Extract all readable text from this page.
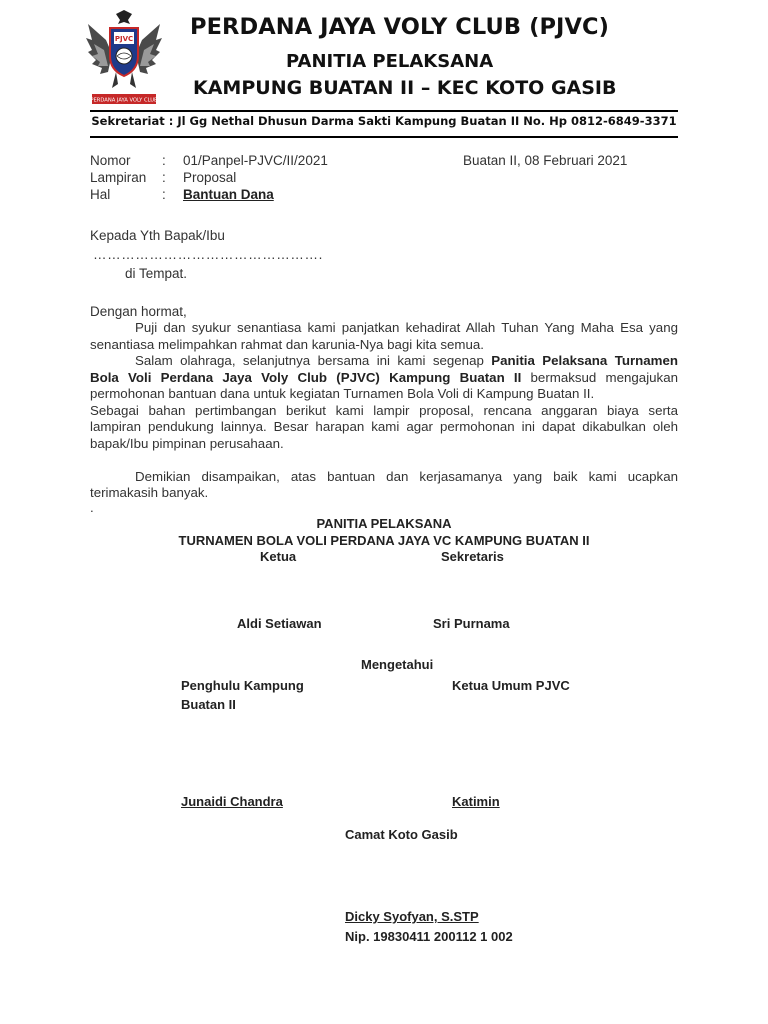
PJVC
PERDANA JAYA VOLY CLUB
PERDANA JAYA VOLY CLUB (PJVC)
PANITIA PELAKSANA
KAMPUNG BUATAN II – KEC KOTO GASIB
Sekretariat : Jl Gg Nethal Dhusun Darma Sakti Kampung Buatan II No. Hp 0812-6849-3371
Nomor : 01/Panpel-PJVC/II/2021	Buatan II, 08 Februari 2021
Lampiran : Proposal
Hal	: Bantuan Dana
Kepada Yth Bapak/Ibu
………………………………………….
di Tempat.
Dengan hormat,
Puji dan syukur senantiasa kami panjatkan kehadirat Allah Tuhan Yang Maha Esa yang
senantiasa melimpahkan rahmat dan karunia-Nya bagi kita semua.
Salam olahraga, selanjutnya bersama ini kami segenap Panitia Pelaksana Turnamen
Bola Voli Perdana Jaya Voly Club (PJVC) Kampung Buatan II bermaksud mengajukan
permohonan bantuan dana untuk kegiatan Turnamen Bola Voli di Kampung Buatan II.
Sebagai bahan pertimbangan berikut kami lampir proposal, rencana anggaran biaya serta
lampiran pendukung lainnya. Besar harapan kami agar permohonan ini dapat dikabulkan oleh
bapak/Ibu pimpinan perusahaan.
Demikian disampaikan, atas bantuan dan kerjasamanya yang baik kami ucapkan
terimakasih banyak.
.
PANITIA PELAKSANA
TURNAMEN BOLA VOLI PERDANA JAYA VC KAMPUNG BUATAN II
Ketua	Sekretaris
Aldi Setiawan	Sri Purnama
Mengetahui
Penghulu Kampung
Buatan II
Ketua Umum PJVC
Junaidi Chandra	Katimin
Camat Koto Gasib
Dicky Syofyan, S.STP
Nip. 19830411 200112 1 002
